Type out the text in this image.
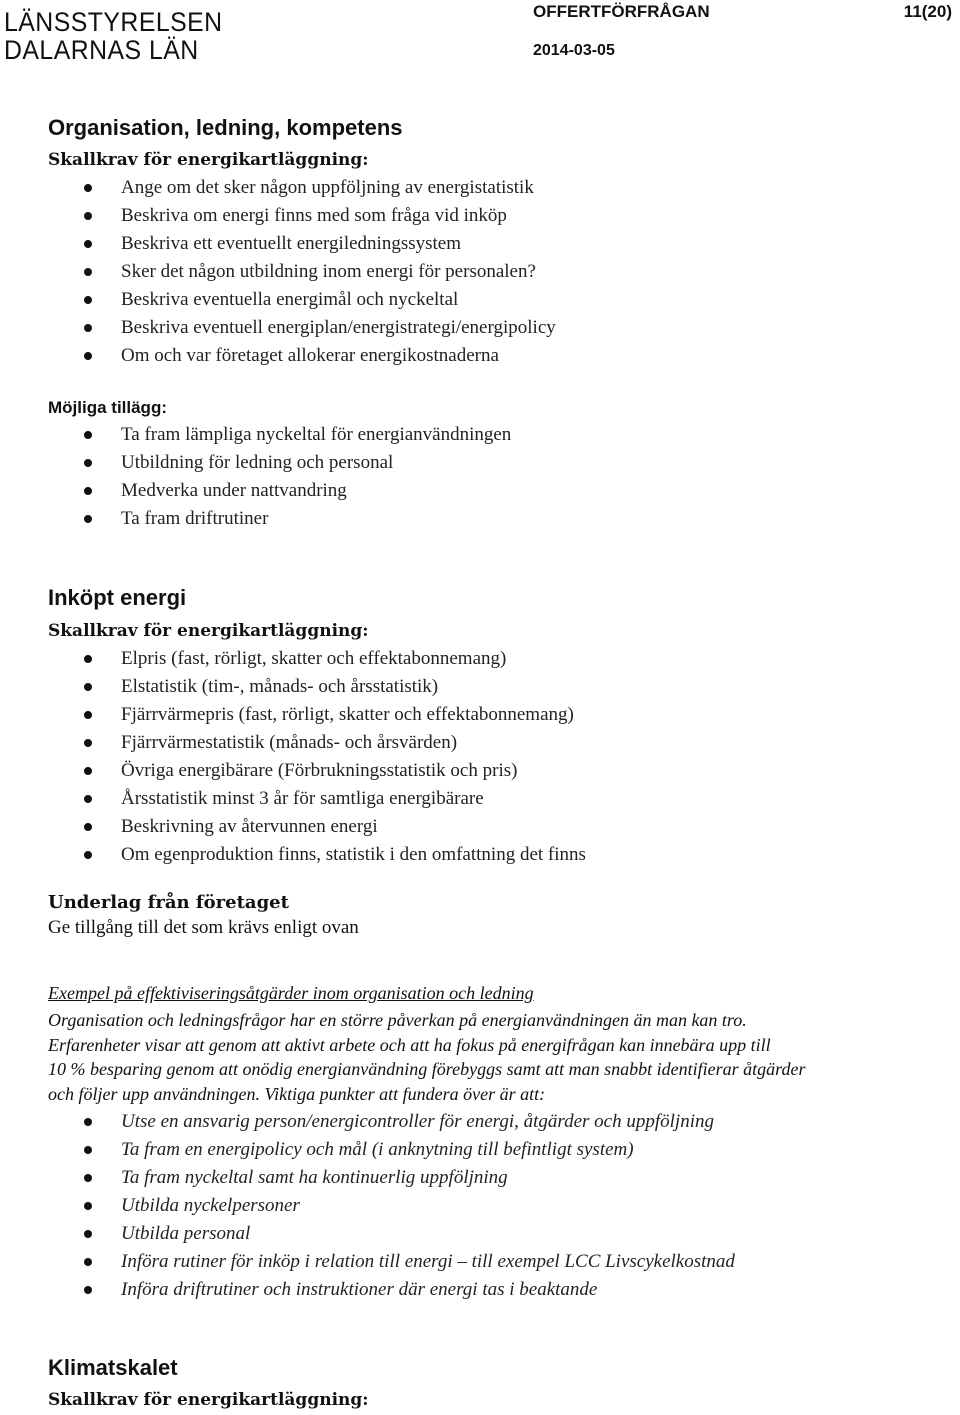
LÄNSSTYRELSEN
DALARNAS LÄN
OFFERTFÖRFRÅGAN	11(20)
2014-03-05
Organisation, ledning, kompetens
Skallkrav för energikartläggning:
Ange om det sker någon uppföljning av energistatistik
Beskriva om energi finns med som fråga vid inköp
Beskriva ett eventuellt energiledningssystem
Sker det någon utbildning inom energi för personalen?
Beskriva eventuella energimål och nyckeltal
Beskriva eventuell energiplan/energistrategi/energipolicy
Om och var företaget allokerar energikostnaderna
Möjliga tillägg:
Ta fram lämpliga nyckeltal för energianvändningen
Utbildning för ledning och personal
Medverka under nattvandring
Ta fram driftrutiner
Inköpt energi
Skallkrav för energikartläggning:
Elpris (fast, rörligt, skatter och effektabonnemang)
Elstatistik (tim-, månads- och årsstatistik)
Fjärrvärmepris (fast, rörligt, skatter och effektabonnemang)
Fjärrvärmestatistik (månads- och årsvärden)
Övriga energibärare (Förbrukningsstatistik och pris)
Årsstatistik minst 3 år för samtliga energibärare
Beskrivning av återvunnen energi
Om egenproduktion finns, statistik i den omfattning det finns
Underlag från företaget
Ge tillgång till det som krävs enligt ovan
Exempel på effektiviseringsåtgärder inom organisation och ledning
Organisation och ledningsfrågor har en större påverkan på energianvändningen än man kan tro.
Erfarenheter visar att genom att aktivt arbete och att ha fokus på energifrågan kan innebära upp till
10 % besparing genom att onödig energianvändning förebyggs samt att man snabbt identifierar åtgärder
och följer upp användningen. Viktiga punkter att fundera över är att:
Utse en ansvarig person/energicontroller för energi, åtgärder och uppföljning
Ta fram en energipolicy och mål (i anknytning till befintligt system)
Ta fram nyckeltal samt ha kontinuerlig uppföljning
Utbilda nyckelpersoner
Utbilda personal
Införa rutiner för inköp i relation till energi – till exempel LCC Livscykelkostnad
Införa driftrutiner och instruktioner där energi tas i beaktande
Klimatskalet
Skallkrav för energikartläggning:
